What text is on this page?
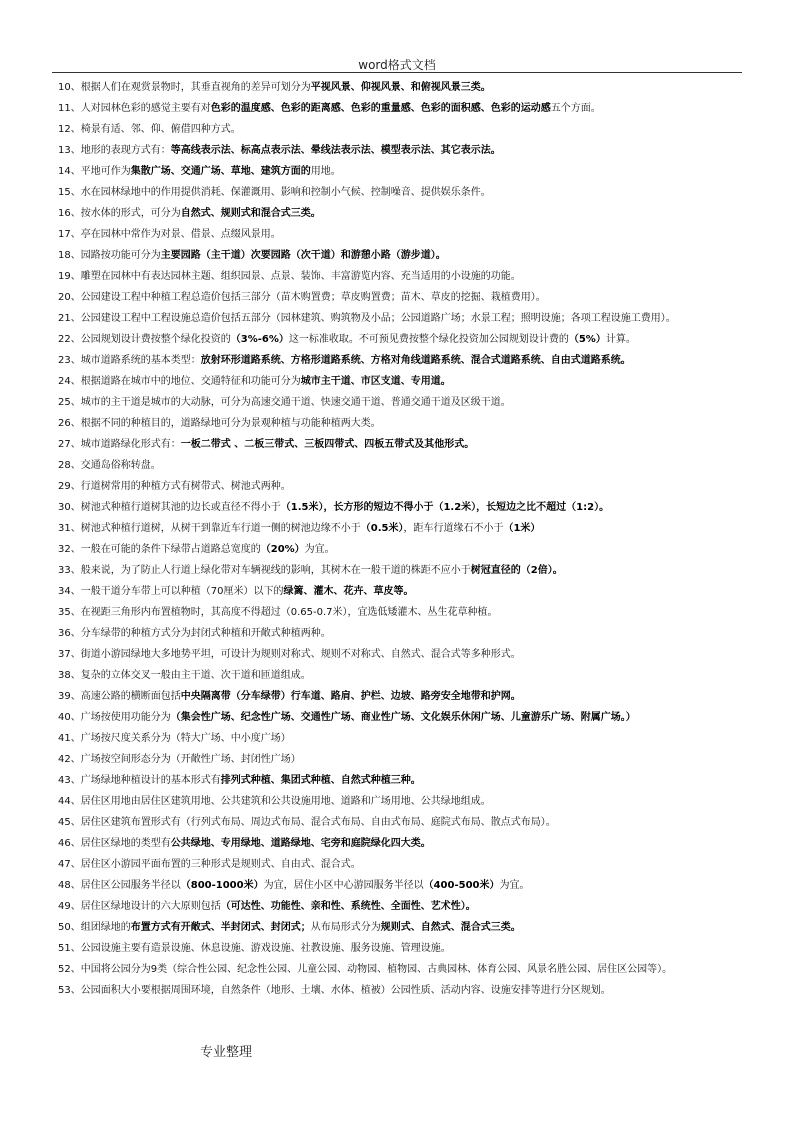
word格式文档
10、根据人们在观赏景物时，其垂直视角的差异可划分为平视风景、仰视风景、和俯视风景三类。
11、人对园林色彩的感觉主要有对色彩的温度感、色彩的距离感、色彩的重量感、色彩的面积感、色彩的运动感五个方面。
12、椅景有适、邻、仰、俯借四种方式。
13、地形的表现方式有：等高线表示法、标高点表示法、晕线法表示法、模型表示法、其它表示法。
14、平地可作为集散广场、交通广场、草地、建筑方面的用地。
15、水在园林绿地中的作用提供消耗、保灌溉用、影响和控制小气候、控制噪音、提供娱乐条件。
16、按水体的形式，可分为自然式、规则式和混合式三类。
17、亭在园林中常作为对景、借景、点缀风景用。
18、园路按功能可分为主要园路（主干道）次要园路（次干道）和游憩小路（游步道）。
19、雕塑在园林中有表达园林主题、组织园景、点景、装饰、丰富游览内容、充当适用的小设施的功能。
20、公园建设工程中种植工程总造价包括三部分（苗木购置费；草皮购置费；苗木、草皮的挖掘、栽植费用）。
21、公园建设工程中工程设施总造价包括五部分（园林建筑、购筑物及小品；公园道路广场；水景工程；照明设施；各项工程设施工费用）。
22、公园规划设计费按整个绿化投资的（3%-6%）这一标准收取。不可预见费按整个绿化投资加公园规划设计费的（5%）计算。
23、城市道路系统的基本类型：放射环形道路系统、方格形道路系统、方格对角线道路系统、混合式道路系统、自由式道路系统。
24、根据道路在城市中的地位、交通特征和功能可分为城市主干道、市区支道、专用道。
25、城市的主干道是城市的大动脉，可分为高速交通干道、快速交通干道、普通交通干道及区级干道。
26、根据不同的种植目的，道路绿地可分为景观种植与功能种植两大类。
27、城市道路绿化形式有：一板二带式 、二板三带式、三板四带式、四板五带式及其他形式。
28、交通岛俗称转盘。
29、行道树常用的种植方式有树带式、树池式两种。
30、树池式种植行道树其池的边长或直径不得小于（1.5米），长方形的短边不得小于（1.2米），长短边之比不超过（1:2）。
31、树池式种植行道树，从树干到靠近车行道一侧的树池边缘不小于（0.5米），距车行道缘石不小于（1米）
32、一般在可能的条件下绿带占道路总宽度的（20%）为宜。
33、般来说，为了防止人行道上绿化带对车辆视线的影响，其树木在一般干道的株距不应小于树冠直径的（2倍）。
34、一般干道分车带上可以种植（70厘米）以下的绿篱、灌木、花卉、草皮等。
35、在视距三角形内布置植物时，其高度不得超过（0.65-0.7米），宜选低矮灌木、丛生花草种植。
36、分车绿带的种植方式分为封闭式种植和开敞式种植两种。
37、街道小游园绿地大多地势平坦，可设计为规则对称式、规则不对称式、自然式、混合式等多种形式。
38、复杂的立体交叉一般由主干道、次干道和匝道组成。
39、高速公路的横断面包括中央隔离带（分车绿带）行车道、路肩、护栏、边坡、路旁安全地带和护网。
40、广场按使用功能分为（集会性广场、纪念性广场、交通性广场、商业性广场、文化娱乐休闲广场、儿童游乐广场、附属广场。）
41、广场按尺度关系分为（特大广场、中小度广场）
42、广场按空间形态分为（开敞性广场、封闭性广场）
43、广场绿地种植设计的基本形式有排列式种植、集团式种植、自然式种植三种。
44、居住区用地由居住区建筑用地、公共建筑和公共设施用地、道路和广场用地、公共绿地组成。
45、居住区建筑布置形式有（行列式布局、周边式布局、混合式布局、自由式布局、庭院式布局、散点式布局）。
46、居住区绿地的类型有公共绿地、专用绿地、道路绿地、宅旁和庭院绿化四大类。
47、居住区小游园平面布置的三种形式是规则式、自由式、混合式。
48、居住区公园服务半径以（800-1000米）为宜，居住小区中心游园服务半径以（400-500米）为宜。
49、居住区绿地设计的六大原则包括（可达性、功能性、亲和性、系统性、全面性、艺术性）。
50、组团绿地的布置方式有开敞式、半封闭式、封闭式；从布局形式分为规则式、自然式、混合式三类。
51、公园设施主要有造景设施、休息设施、游戏设施、社教设施、服务设施、管理设施。
52、中国将公园分为9类（综合性公园、纪念性公园、儿童公园、动物园、植物园、古典园林、体育公园、风景名胜公园、居住区公园等）。
53、公园面积大小要根据周围环境，自然条件（地形、土壤、水体、植被）公园性质、活动内容、设施安排等进行分区规划。
专业整理
